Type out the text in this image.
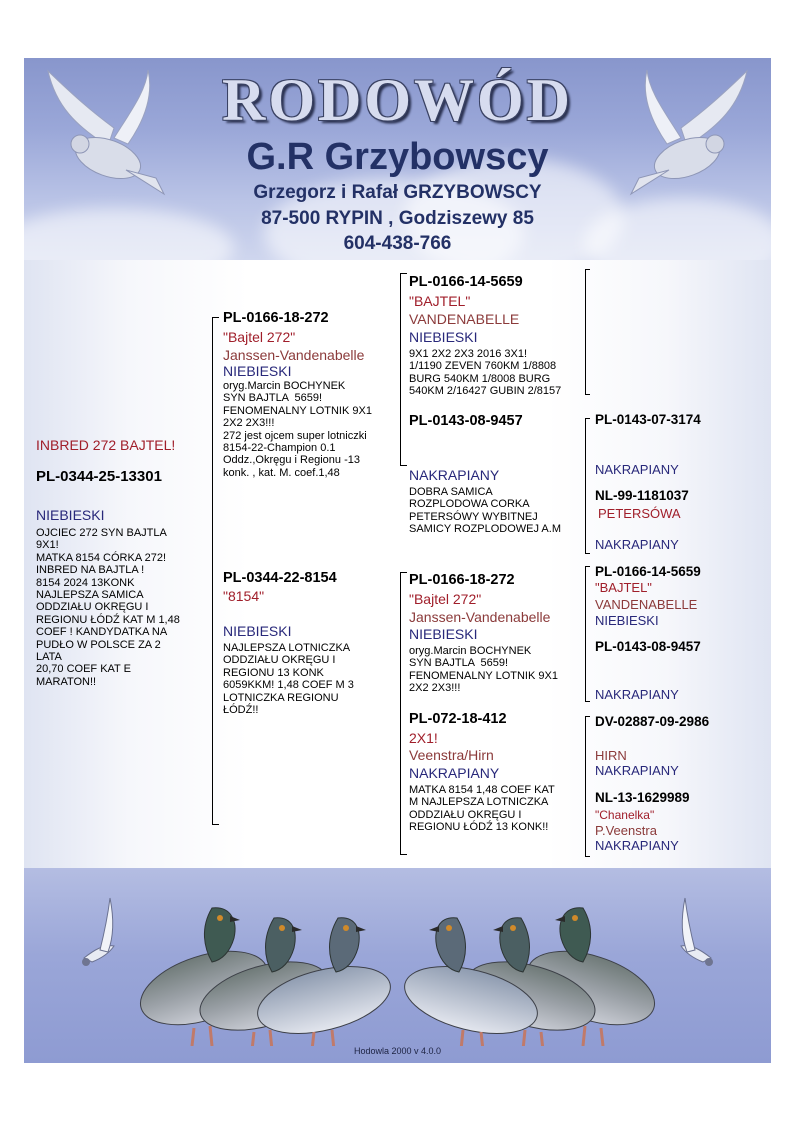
RODOWÓD
G.R Grzybowscy
Grzegorz i Rafał GRZYBOWSCY
87-500 RYPIN , Godziszewy 85
604-438-766
INBRED 272 BAJTEL!
PL-0344-25-13301
NIEBIESKI
OJCIEC 272 SYN BAJTLA
9X1!
MATKA 8154 CÓRKA 272!
INBRED NA BAJTLA !
8154 2024 13KONK
NAJLEPSZA SAMICA
ODDZIAŁU OKRĘGU I
REGIONU ŁÓDŹ KAT M 1,48
COEF ! KANDYDATKA NA
PUDŁO W POLSCE ZA 2
LATA
20,70 COEF KAT E
MARATON!!
PL-0166-18-272
"Bajtel 272"
Janssen-Vandenabelle
NIEBIESKI
oryg.Marcin BOCHYNEK
SYN BAJTLA  5659!
FENOMENALNY LOTNIK 9X1
2X2 2X3!!!
272 jest ojcem super lotniczki
8154-22-Champion 0.1
Oddz.,Okręgu i Regionu -13
konk. , kat. M. coef.1,48
PL-0344-22-8154
"8154"
NIEBIESKI
NAJLEPSZA LOTNICZKA
ODDZIAŁU OKRĘGU I
REGIONU 13 KONK
6059KKM! 1,48 COEF M 3
LOTNICZKA REGIONU
ŁÓDŹ!!
PL-0166-14-5659
"BAJTEL"
VANDENABELLE
NIEBIESKI
9X1 2X2 2X3 2016 3X1!
1/1190 ZEVEN 760KM 1/8808
BURG 540KM 1/8008 BURG
540KM 2/16427 GUBIN 2/8157
PL-0143-08-9457
NAKRAPIANY
DOBRA SAMICA
ROZPLODOWA CORKA
PETERSÓWY WYBITNEJ
SAMICY ROZPLODOWEJ A.M
PL-0166-18-272
"Bajtel 272"
Janssen-Vandenabelle
NIEBIESKI
oryg.Marcin BOCHYNEK
SYN BAJTLA  5659!
FENOMENALNY LOTNIK 9X1
2X2 2X3!!!
PL-072-18-412
2X1!
Veenstra/Hirn
NAKRAPIANY
MATKA 8154 1,48 COEF KAT
M NAJLEPSZA LOTNICZKA
ODDZIAŁU OKRĘGU I
REGIONU ŁÓDŹ 13 KONK!!
PL-0143-07-3174
NAKRAPIANY
NL-99-1181037
PETERSÓWA
NAKRAPIANY
PL-0166-14-5659
"BAJTEL"
VANDENABELLE
NIEBIESKI
PL-0143-08-9457
NAKRAPIANY
DV-02887-09-2986
HIRN
NAKRAPIANY
NL-13-1629989
"Chanelka"
P.Veenstra
NAKRAPIANY
Hodowla 2000 v 4.0.0
